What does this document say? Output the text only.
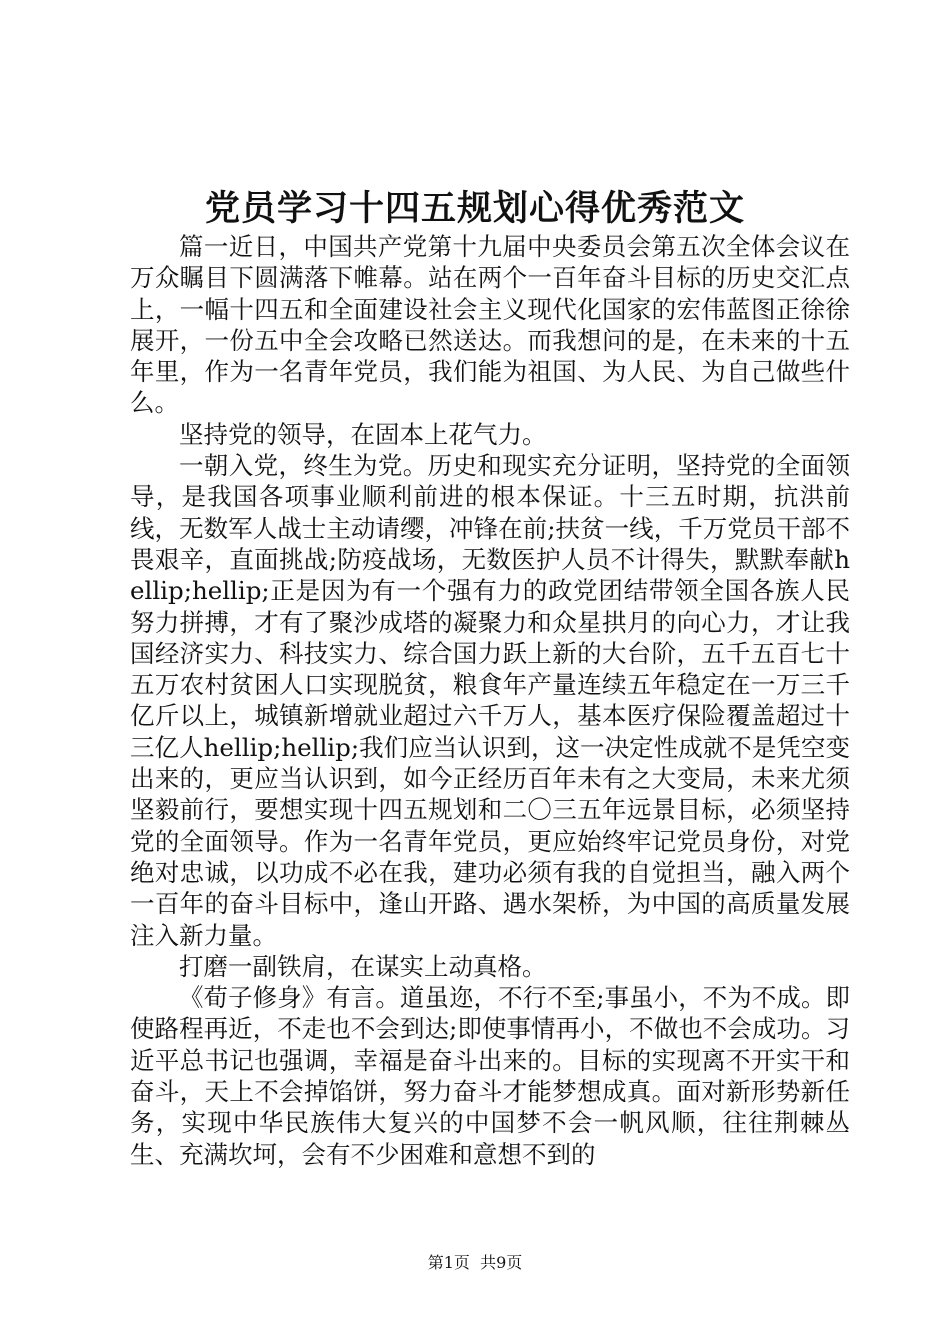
党员学习十四五规划心得优秀范文

篇一近日，中国共产党第十九届中央委员会第五次全体会议在万众瞩目下圆满落下帷幕。站在两个一百年奋斗目标的历史交汇点上，一幅十四五和全面建设社会主义现代化国家的宏伟蓝图正徐徐展开，一份五中全会攻略已然送达。而我想问的是，在未来的十五年里，作为一名青年党员，我们能为祖国、为人民、为自己做些什么。

坚持党的领导，在固本上花气力。

一朝入党，终生为党。历史和现实充分证明，坚持党的全面领导，是我国各项事业顺利前进的根本保证。十三五时期，抗洪前线，无数军人战士主动请缨，冲锋在前;扶贫一线，千万党员干部不畏艰辛，直面挑战;防疫战场，无数医护人员不计得失，默默奉献hellip;hellip;正是因为有一个强有力的政党团结带领全国各族人民努力拼搏，才有了聚沙成塔的凝聚力和众星拱月的向心力，才让我国经济实力、科技实力、综合国力跃上新的大台阶，五千五百七十五万农村贫困人口实现脱贫，粮食年产量连续五年稳定在一万三千亿斤以上，城镇新增就业超过六千万人，基本医疗保险覆盖超过十三亿人hellip;hellip;我们应当认识到，这一决定性成就不是凭空变出来的，更应当认识到，如今正经历百年未有之大变局，未来尤须坚毅前行，要想实现十四五规划和二〇三五年远景目标，必须坚持党的全面领导。作为一名青年党员，更应始终牢记党员身份，对党绝对忠诚，以功成不必在我，建功必须有我的自觉担当，融入两个一百年的奋斗目标中，逢山开路、遇水架桥，为中国的高质量发展注入新力量。

打磨一副铁肩，在谋实上动真格。

《荀子修身》有言。道虽迩，不行不至;事虽小，不为不成。即使路程再近，不走也不会到达;即使事情再小，不做也不会成功。习近平总书记也强调，幸福是奋斗出来的。目标的实现离不开实干和奋斗，天上不会掉馅饼，努力奋斗才能梦想成真。面对新形势新任务，实现中华民族伟大复兴的中国梦不会一帆风顺，往往荆棘丛生、充满坎坷，会有不少困难和意想不到的

第1页  共9页
